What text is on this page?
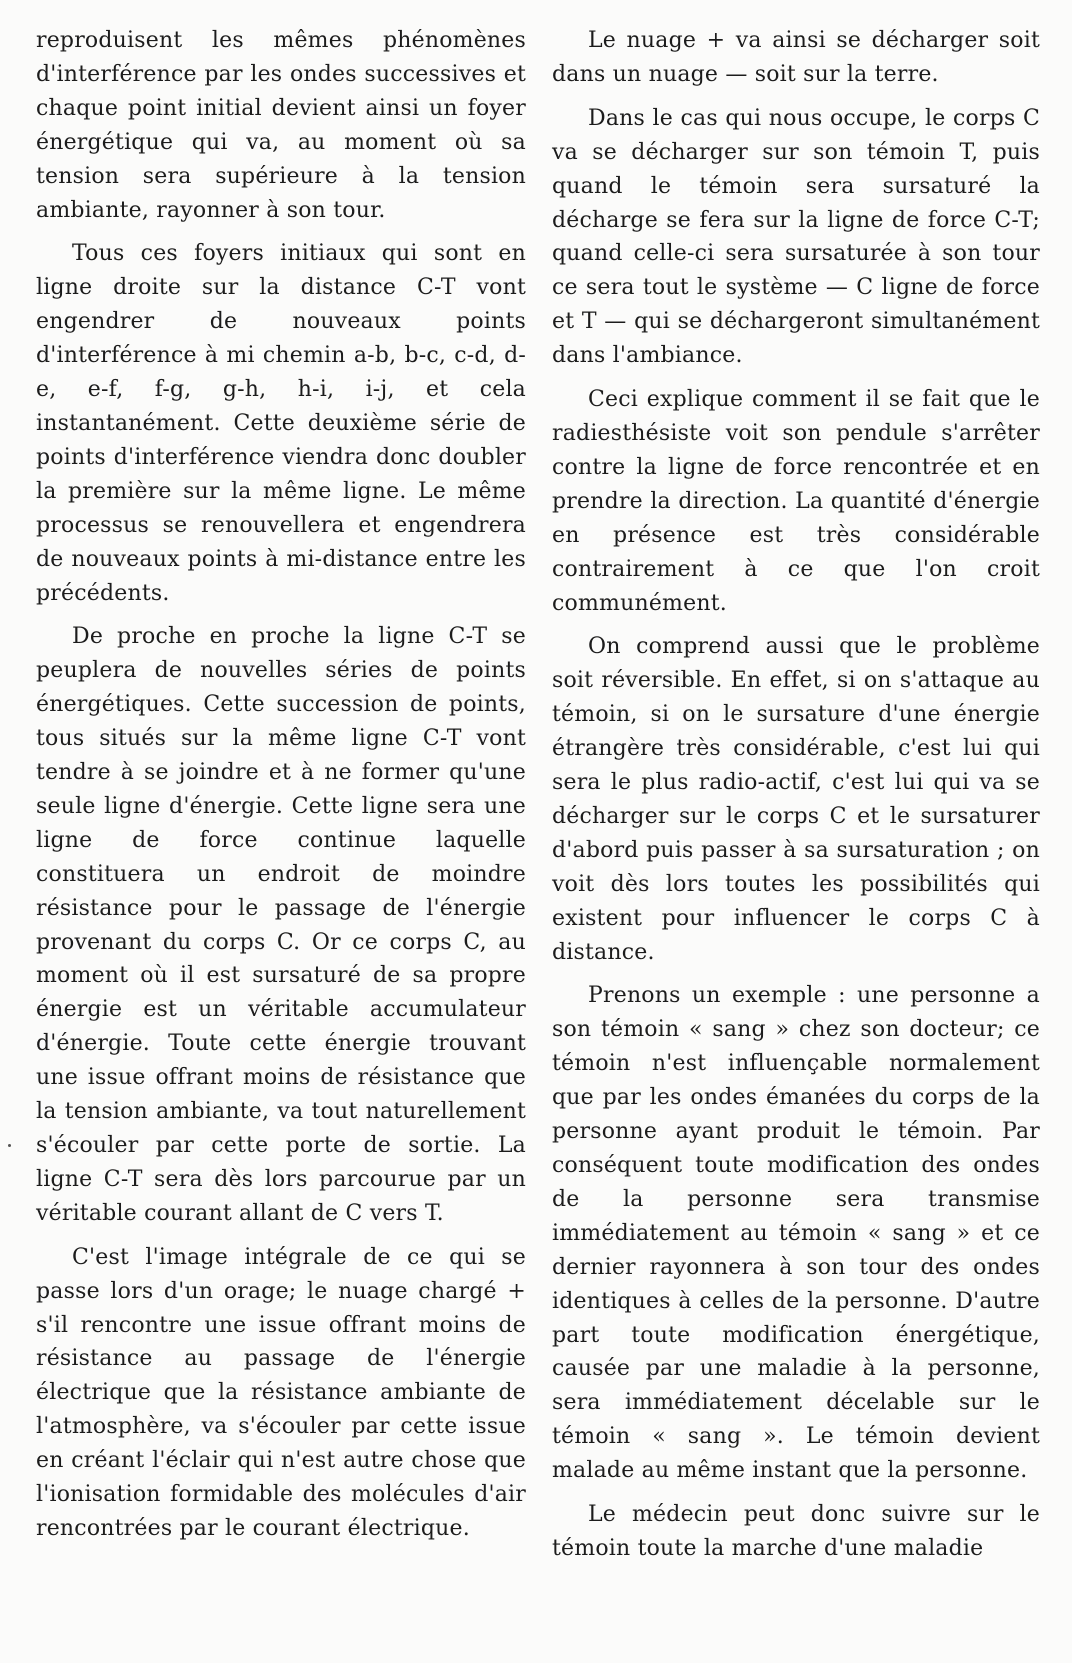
reproduisent les mêmes phénomènes d'interférence par les ondes successives et chaque point initial devient ainsi un foyer énergétique qui va, au moment où sa tension sera supérieure à la tension ambiante, rayonner à son tour.

Tous ces foyers initiaux qui sont en ligne droite sur la distance C-T vont engendrer de nouveaux points d'interférence à mi chemin a-b, b-c, c-d, d-e, e-f, f-g, g-h, h-i, i-j, et cela instantanément. Cette deuxième série de points d'interférence viendra donc doubler la première sur la même ligne. Le même processus se renouvellera et engendrera de nouveaux points à mi-distance entre les précédents.

De proche en proche la ligne C-T se peuplera de nouvelles séries de points énergétiques. Cette succession de points, tous situés sur la même ligne C-T vont tendre à se joindre et à ne former qu'une seule ligne d'énergie. Cette ligne sera une ligne de force continue laquelle constituera un endroit de moindre résistance pour le passage de l'énergie provenant du corps C. Or ce corps C, au moment où il est sursaturé de sa propre énergie est un véritable accumulateur d'énergie. Toute cette énergie trouvant une issue offrant moins de résistance que la tension ambiante, va tout naturellement s'écouler par cette porte de sortie. La ligne C-T sera dès lors parcourue par un véritable courant allant de C vers T.

C'est l'image intégrale de ce qui se passe lors d'un orage; le nuage chargé + s'il rencontre une issue offrant moins de résistance au passage de l'énergie électrique que la résistance ambiante de l'atmosphère, va s'écouler par cette issue en créant l'éclair qui n'est autre chose que l'ionisation formidable des molécules d'air rencontrées par le courant électrique.

Le nuage + va ainsi se décharger soit dans un nuage — soit sur la terre.

Dans le cas qui nous occupe, le corps C va se décharger sur son témoin T, puis quand le témoin sera sursaturé la décharge se fera sur la ligne de force C-T; quand celle-ci sera sursaturée à son tour ce sera tout le système — C ligne de force et T — qui se déchargeront simultanément dans l'ambiance.

Ceci explique comment il se fait que le radiesthésiste voit son pendule s'arrêter contre la ligne de force rencontrée et en prendre la direction. La quantité d'énergie en présence est très considérable contrairement à ce que l'on croit communément.

On comprend aussi que le problème soit réversible. En effet, si on s'attaque au témoin, si on le sursature d'une énergie étrangère très considérable, c'est lui qui sera le plus radio-actif, c'est lui qui va se décharger sur le corps C et le sursaturer d'abord puis passer à sa sursaturation ; on voit dès lors toutes les possibilités qui existent pour influencer le corps C à distance.

Prenons un exemple : une personne a son témoin « sang » chez son docteur; ce témoin n'est influençable normalement que par les ondes émanées du corps de la personne ayant produit le témoin. Par conséquent toute modification des ondes de la personne sera transmise immédiatement au témoin « sang » et ce dernier rayonnera à son tour des ondes identiques à celles de la personne. D'autre part toute modification énergétique, causée par une maladie à la personne, sera immédiatement décelable sur le témoin « sang ». Le témoin devient malade au même instant que la personne.

Le médecin peut donc suivre sur le témoin toute la marche d'une maladie
